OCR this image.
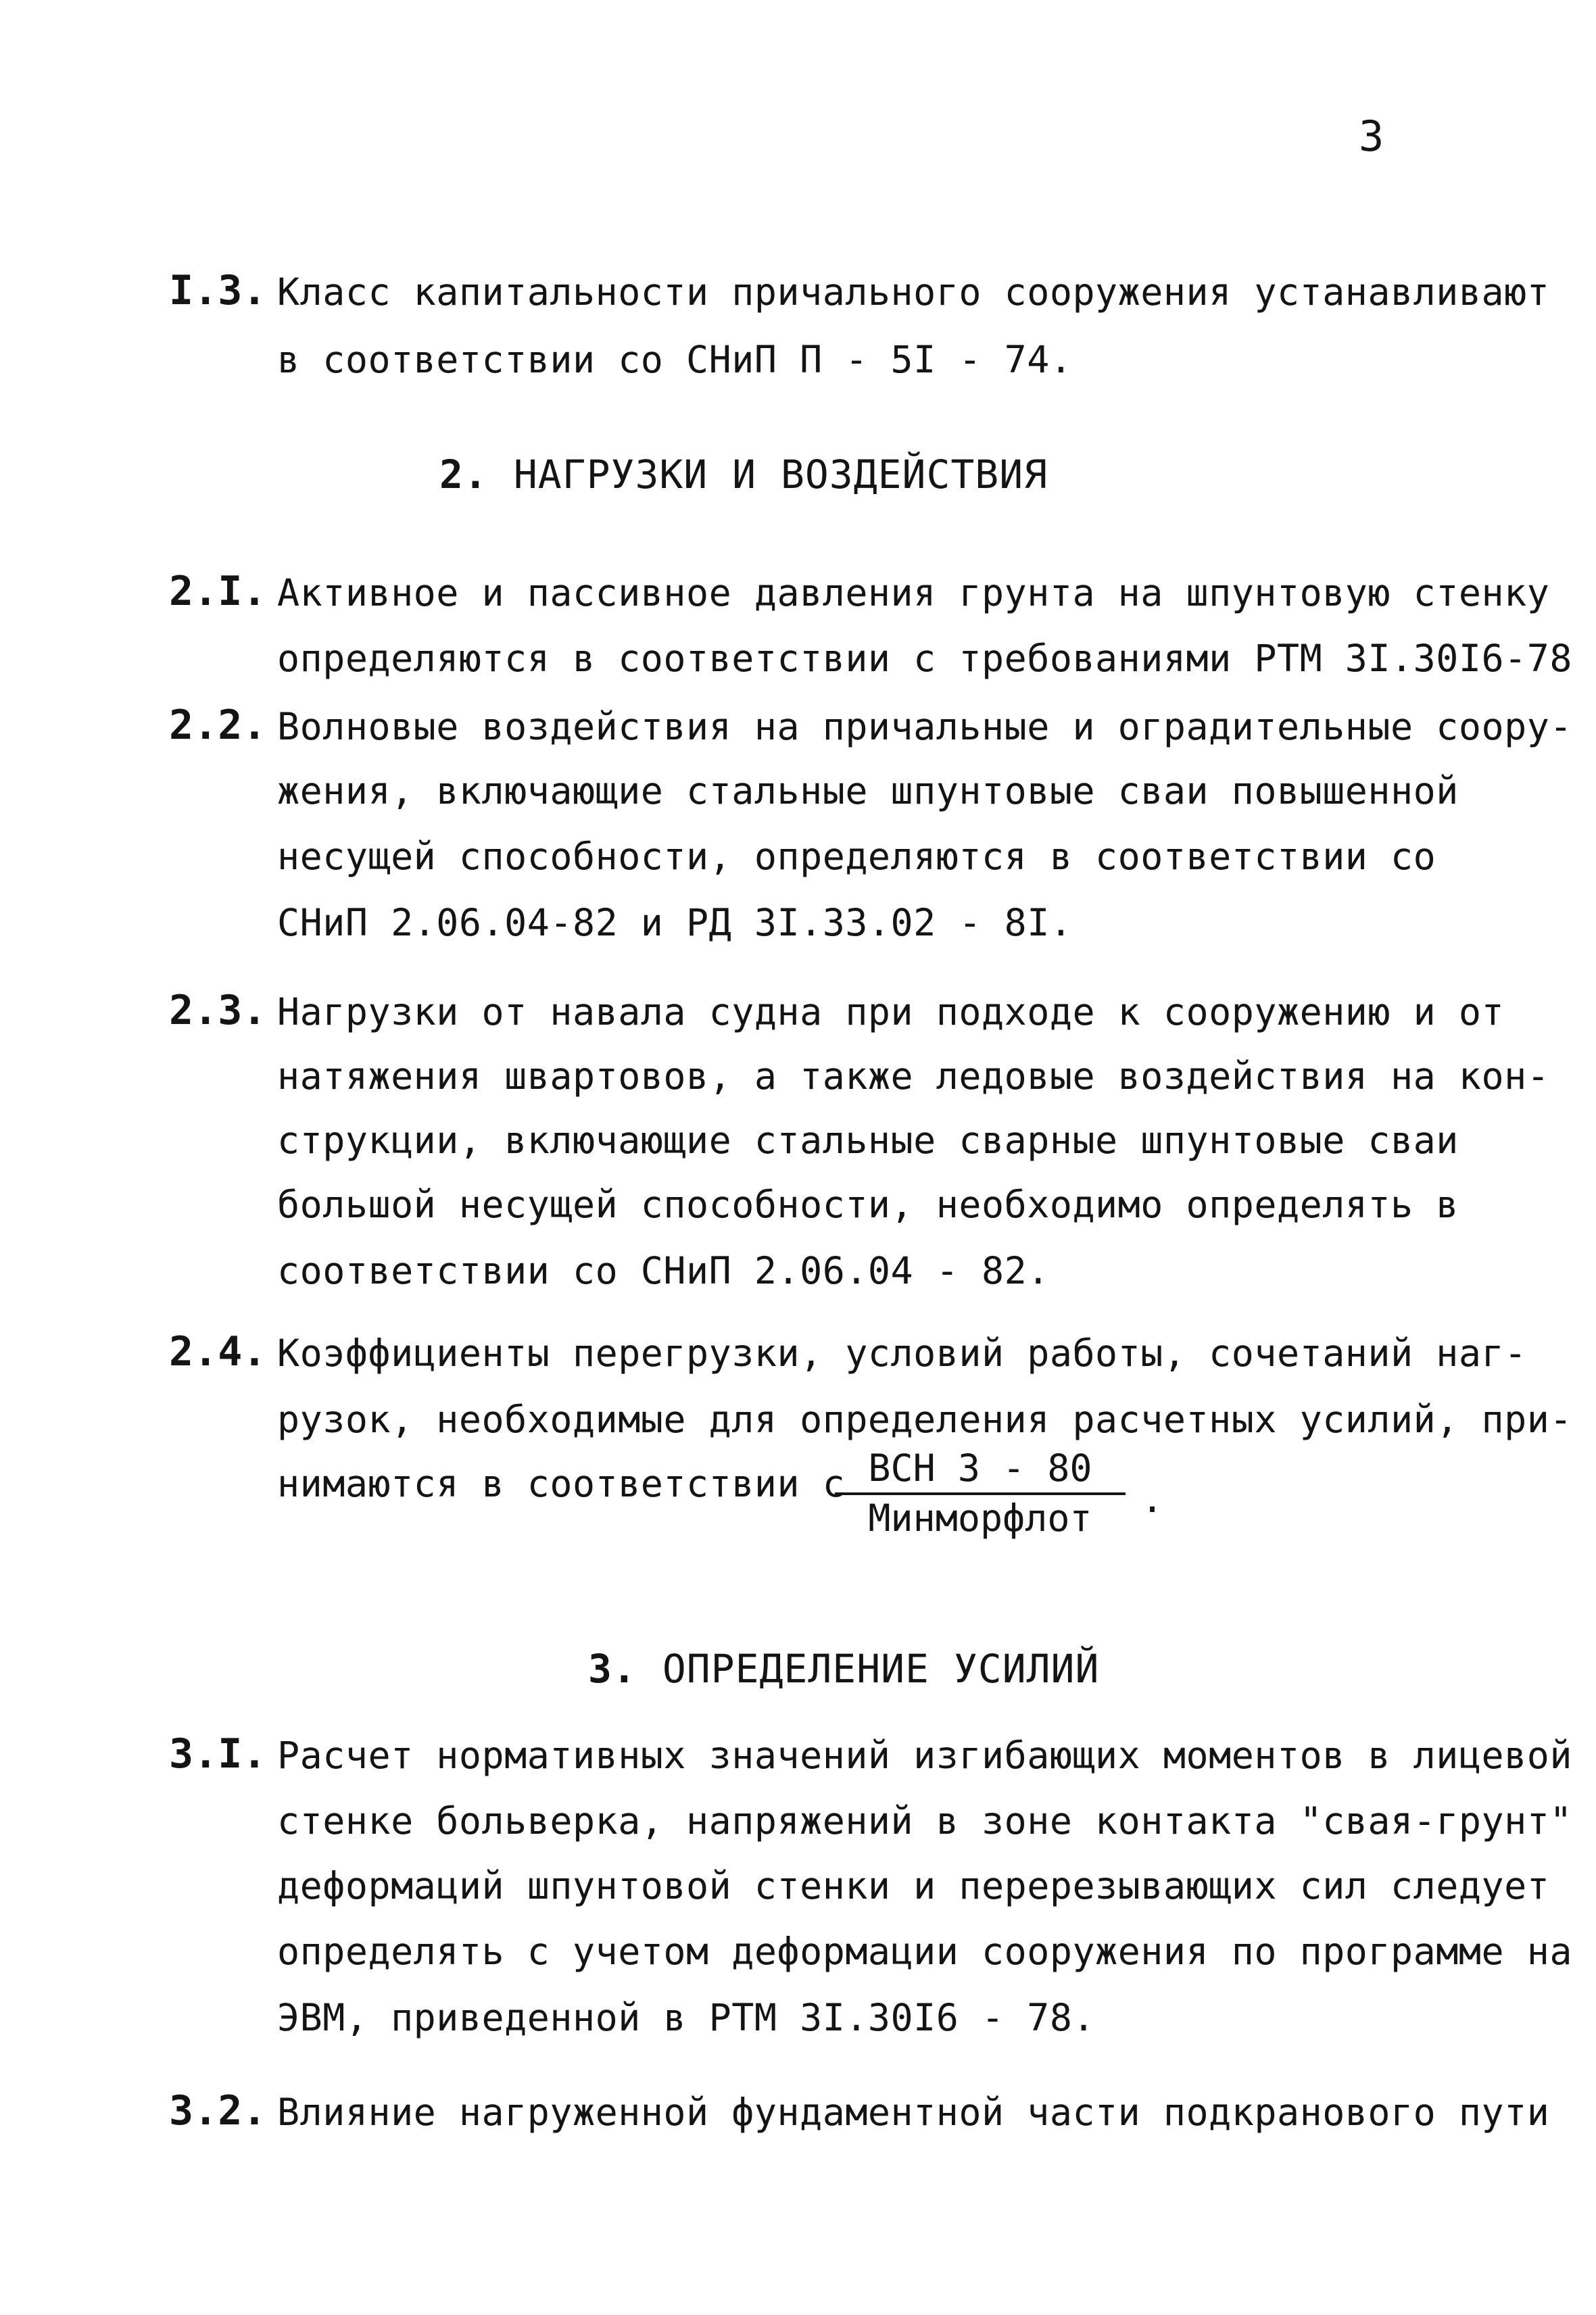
3
I.3. Класс капитальности причального сооружения устанавливают
в соответствии со СНиП П - 5I - 74.
2. НАГРУЗКИ И ВОЗДЕЙСТВИЯ
2.I. Активное и пассивное давления грунта на шпунтовую стенку
определяются в соответствии с требованиями РТМ 3I.30I6-78
2.2. Волновые воздействия на причальные и оградительные соору-
жения, включающие стальные шпунтовые сваи повышенной
несущей способности, определяются в соответствии со
СНиП 2.06.04-82 и РД 3I.33.02 - 8I.
2.3. Нагрузки от навала судна при подходе к сооружению и от
натяжения швартовов, а также ледовые воздействия на кон-
струкции, включающие стальные сварные шпунтовые сваи
большой несущей способности, необходимо определять в
соответствии со СНиП 2.06.04 - 82.
2.4. Коэффициенты перегрузки, условий работы, сочетаний наг-
рузок, необходимые для определения расчетных усилий, при-
нимаются в соответствии с ВСН 3 - 80
Минморфлот	.
3. ОПРЕДЕЛЕНИЕ УСИЛИЙ
3.I. Расчет нормативных значений изгибающих моментов в лицевой
стенке больверка, напряжений в зоне контакта "свая-грунт"
деформаций шпунтовой стенки и перерезывающих сил следует
определять с учетом деформации сооружения по программе на
ЭВМ, приведенной в РТМ 3I.30I6 - 78.
3.2. Влияние нагруженной фундаментной части подкранового пути
